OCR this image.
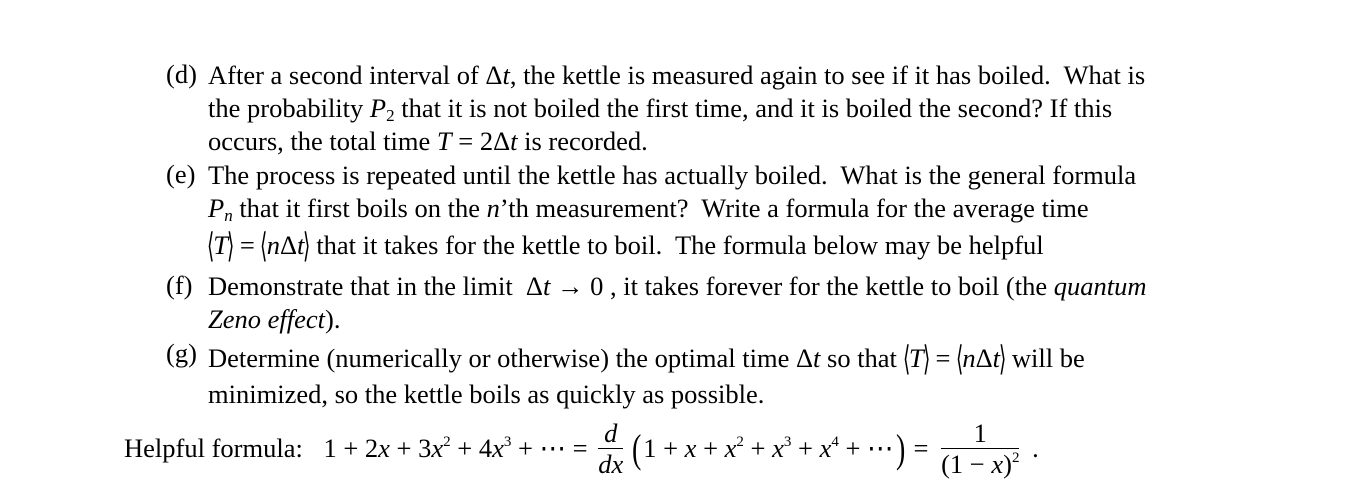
(d) After a second interval of Δt, the kettle is measured again to see if it has boiled.  What is
the probability $P_2$ that it is not boiled the first time, and it is boiled the second? If this
occurs, the total time T = 2Δt is recorded.
(e) The process is repeated until the kettle has actually boiled.  What is the general formula
$P_n$ that it first boils on the n’th measurement?  Write a formula for the average time
⟨T⟩ = ⟨nΔt⟩ that it takes for the kettle to boil.  The formula below may be helpful
(f) Demonstrate that in the limit  Δt → 0 , it takes forever for the kettle to boil (the quantum
Zeno effect).
(g) Determine (numerically or otherwise) the optimal time Δt so that ⟨T⟩ = ⟨nΔt⟩ will be
minimized, so the kettle boils as quickly as possible.
Helpful formula: $1 + 2x + 3x^2 + 4x^3$ + ⋯ = $\frac{d}{dx} (1 + x + x^2 + x^3 + x^4$ + ⋯) = $\frac{1}{(1 - x)^2}$ .
